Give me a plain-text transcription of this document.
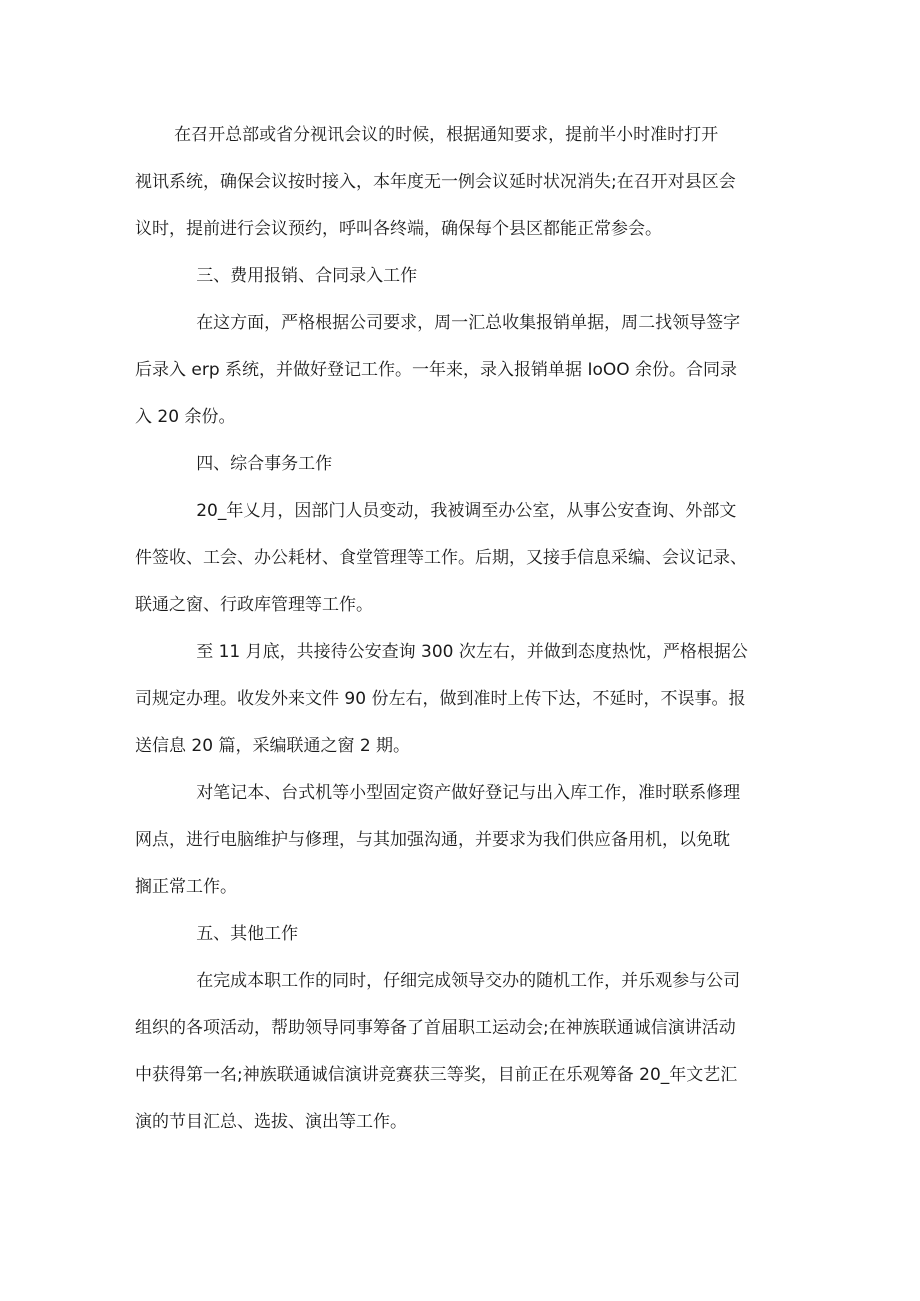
在召开总部或省分视讯会议的时候，根据通知要求，提前半小时准时打开
视讯系统，确保会议按时接入，本年度无一例会议延时状况消失;在召开对县区会
议时，提前进行会议预约，呼叫各终端，确保每个县区都能正常参会。

三、费用报销、合同录入工作

在这方面，严格根据公司要求，周一汇总收集报销单据，周二找领导签字
后录入 erp 系统，并做好登记工作。一年来，录入报销单据 IoOO 余份。合同录
入 20 余份。

四、综合事务工作

20_年乂月，因部门人员变动，我被调至办公室，从事公安查询、外部文
件签收、工会、办公耗材、食堂管理等工作。后期，又接手信息采编、会议记录、
联通之窗、行政库管理等工作。

至 11 月底，共接待公安查询 300 次左右，并做到态度热忱，严格根据公
司规定办理。收发外来文件 90 份左右，做到准时上传下达，不延时，不误事。报
送信息 20 篇，采编联通之窗 2 期。

对笔记本、台式机等小型固定资产做好登记与出入库工作，准时联系修理
网点，进行电脑维护与修理，与其加强沟通，并要求为我们供应备用机，以免耽
搁正常工作。

五、其他工作

在完成本职工作的同时，仔细完成领导交办的随机工作，并乐观参与公司
组织的各项活动，帮助领导同事筹备了首届职工运动会;在神族联通诚信演讲活动
中获得第一名;神族联通诚信演讲竞赛获三等奖，目前正在乐观筹备 20_年文艺汇
演的节目汇总、选拔、演出等工作。
